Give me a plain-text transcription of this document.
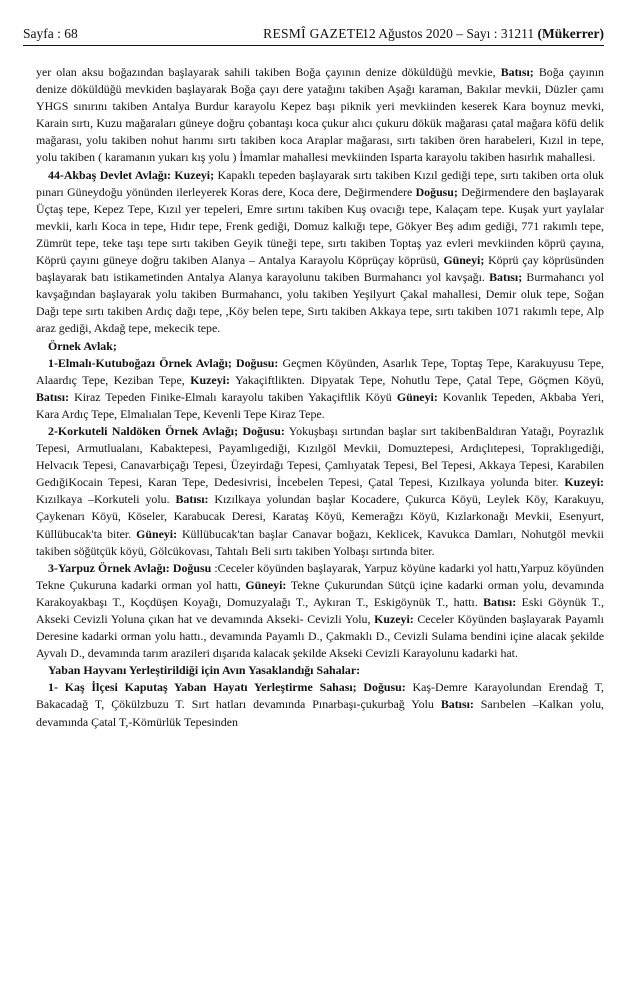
Sayfa : 68	RESMÎ GAZETE
12 Ağustos 2020 – Sayı : 31211 (Mükerrer)

yer olan aksu boğazından başlayarak sahili takiben Boğa çayının denize döküldüğü mevkie, Batısı; Boğa çayının denize döküldüğü mevkiden başlayarak Boğa çayı dere yatağını takiben Aşağı karaman, Bakılar mevkii, Düzler çamı YHGS sınırını takiben Antalya Burdur karayolu Kepez başı piknik yeri mevkiinden keserek Kara boynuz mevki, Karain sırtı, Kuzu mağaraları güneye doğru çobantaşı koca çukur alıcı çukuru dökük mağarası çatal mağara köfü delik mağarası, yolu takiben nohut harımı sırtı takiben koca Araplar mağarası, sırtı takiben ören harabeleri, Kızıl in tepe, yolu takiben ( karamanın yukarı kış yolu ) İmamlar mahallesi mevkiinden Isparta karayolu takiben hasırlık mahallesi.

44-Akbaş Devlet Avlağı: Kuzeyi; Kapaklı tepeden başlayarak sırtı takiben Kızıl gediği tepe, sırtı takiben orta oluk pınarı Güneydoğu yönünden ilerleyerek Koras dere, Koca dere, Değirmendere Doğusu; Değirmendere den başlayarak Üçtaş tepe, Kepez Tepe, Kızıl yer tepeleri, Emre sırtını takiben Kuş ovacığı tepe, Kalaçam tepe. Kuşak yurt yaylalar mevkii, karlı Koca in tepe, Hıdır tepe, Frenk gediği, Domuz kalkığı tepe, Gökyer Beş adım gediği, 771 rakımlı tepe, Zümrüt tepe, teke taşı tepe sırtı takiben Geyik tüneği tepe, sırtı takiben Toptaş yaz evleri mevkiinden köprü çayına, Köprü çayını güneye doğru takiben Alanya – Antalya Karayolu Köprüçay köprüsü, Güneyi; Köprü çay köprüsünden başlayarak batı istikametinden Antalya Alanya karayolunu takiben Burmahancı yol kavşağı. Batısı; Burmahancı yol kavşağından başlayarak yolu takiben Burmahancı, yolu takiben Yeşilyurt Çakal mahallesi, Demir oluk tepe, Soğan Dağı tepe sırtı takiben Ardıç dağı tepe, ,Köy belen tepe, Sırtı takiben Akkaya tepe, sırtı takiben 1071 rakımlı tepe, Alp araz gediği, Akdağ tepe, mekecik tepe.

Örnek Avlak;

1-Elmalı-Kutuboğazı Örnek Avlağı; Doğusu: Geçmen Köyünden, Asarlık Tepe, Toptaş Tepe, Karakuyusu Tepe, Alaardıç Tepe, Keziban Tepe, Kuzeyi: Yakaçiftlikten. Dipyatak Tepe, Nohutlu Tepe, Çatal Tepe, Göçmen Köyü, Batısı: Kiraz Tepeden Finike-Elmalı karayolu takiben Yakaçiftlik Köyü Güneyi: Kovanlık Tepeden, Akbaba Yeri, Kara Ardıç Tepe, Elmalıalan Tepe, Kevenli Tepe Kiraz Tepe.

2-Korkuteli Naldöken Örnek Avlağı; Doğusu: Yokuşbaşı sırtından başlar sırt takibenBaldıran Yatağı, Poyrazlık Tepesi, Armutlualanı, Kabaktepesi, Payamlıgediği, Kızılgöl Mevkii, Domuztepesi, Ardıçlıtepesi, Topraklıgediği, Helvacık Tepesi, Canavarbiçağı Tepesi, Üzeyirdağı Tepesi, Çamlıyatak Tepesi, Bel Tepesi, Akkaya Tepesi, Karabilen GedığiKocain Tepesi, Karan Tepe, Dedesivrisi, İncebelen Tepesi, Çatal Tepesi, Kızılkaya yolunda biter. Kuzeyi: Kızılkaya –Korkuteli yolu. Batısı: Kızılkaya yolundan başlar Kocadere, Çukurca Köyü, Leylek Köy, Karakuyu, Çaykenarı Köyü, Köseler, Karabucak Deresi, Karataş Köyü, Kemerağzı Köyü, Kızlarkonağı Mevkii, Esenyurt, Küllübucak'ta biter. Güneyi: Küllübucak'tan başlar Canavar boğazı, Keklicek, Kavukca Damları, Nohutgöl mevkii takiben söğütçük köyü, Gölcükovası, Tahtalı Beli sırtı takiben Yolbaşı sırtında biter.

3-Yarpuz Örnek Avlağı: Doğusu :Ceceler köyünden başlayarak, Yarpuz köyüne kadarki yol hattı,Yarpuz köyünden Tekne Çukuruna kadarki orman yol hattı, Güneyi: Tekne Çukurundan Sütçü içine kadarki orman yolu, devamında Karakoyakbaşı T., Koçdüşen Koyağı, Domuzyalağı T., Aykıran T., Eskigöynük T., hattı. Batısı: Eski Göynük T., Akseki Cevizli Yoluna çıkan hat ve devamında Akseki- Cevizli Yolu, Kuzeyi: Ceceler Köyünden başlayarak Payamlı Deresine kadarki orman yolu hattı., devamında Payamlı D., Çakmaklı D., Cevizli Sulama bendini içine alacak şekilde Ayvalı D., devamında tarım arazileri dışarıda kalacak şekilde Akseki Cevizli Karayolunu kadarki hat.

Yaban Hayvanı Yerleştirildiği için Avın Yasaklandığı Sahalar:

1- Kaş İlçesi Kaputaş Yaban Hayatı Yerleştirme Sahası; Doğusu: Kaş-Demre Karayolundan Erendağ T, Bakacadağ T, Çökülzbuzu T. Sırt hatları devamında Pınarbaşı-çukurbağ Yolu Batısı: Sarıbelen –Kalkan yolu, devamında Çatal T,-Kömürlük Tepesinden
